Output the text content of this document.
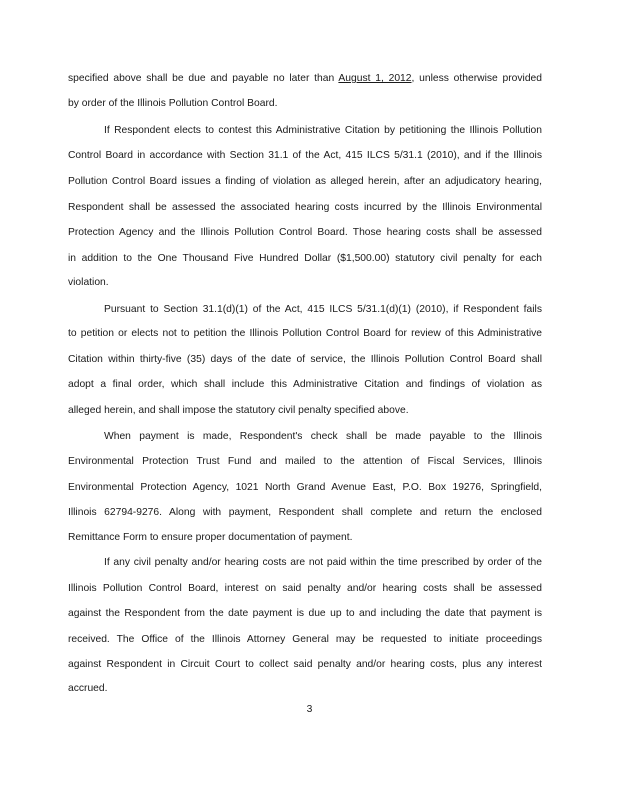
specified above shall be due and payable no later than August 1, 2012, unless otherwise provided
by order of the Illinois Pollution Control Board.
If Respondent elects to contest this Administrative Citation by petitioning the Illinois Pollution
Control Board in accordance with Section 31.1 of the Act, 415 ILCS 5/31.1 (2010), and if the Illinois
Pollution Control Board issues a finding of violation as alleged herein, after an adjudicatory hearing,
Respondent shall be assessed the associated hearing costs incurred by the Illinois Environmental
Protection Agency and the Illinois Pollution Control Board. Those hearing costs shall be assessed
in addition to the One Thousand Five Hundred Dollar ($1,500.00) statutory civil penalty for each
violation.
Pursuant to Section 31.1(d)(1) of the Act, 415 ILCS 5/31.1(d)(1) (2010), if Respondent fails
to petition or elects not to petition the Illinois Pollution Control Board for review of this Administrative
Citation within thirty-five (35) days of the date of service, the Illinois Pollution Control Board shall
adopt a final order, which shall include this Administrative Citation and findings of violation as
alleged herein, and shall impose the statutory civil penalty specified above.
When payment is made, Respondent's check shall be made payable to the Illinois
Environmental Protection Trust Fund and mailed to the attention of Fiscal Services, Illinois
Environmental Protection Agency, 1021 North Grand Avenue East, P.O. Box 19276, Springfield,
Illinois 62794-9276. Along with payment, Respondent shall complete and return the enclosed
Remittance Form to ensure proper documentation of payment.
If any civil penalty and/or hearing costs are not paid within the time prescribed by order of the
Illinois Pollution Control Board, interest on said penalty and/or hearing costs shall be assessed
against the Respondent from the date payment is due up to and including the date that payment is
received. The Office of the Illinois Attorney General may be requested to initiate proceedings
against Respondent in Circuit Court to collect said penalty and/or hearing costs, plus any interest
accrued.
3
